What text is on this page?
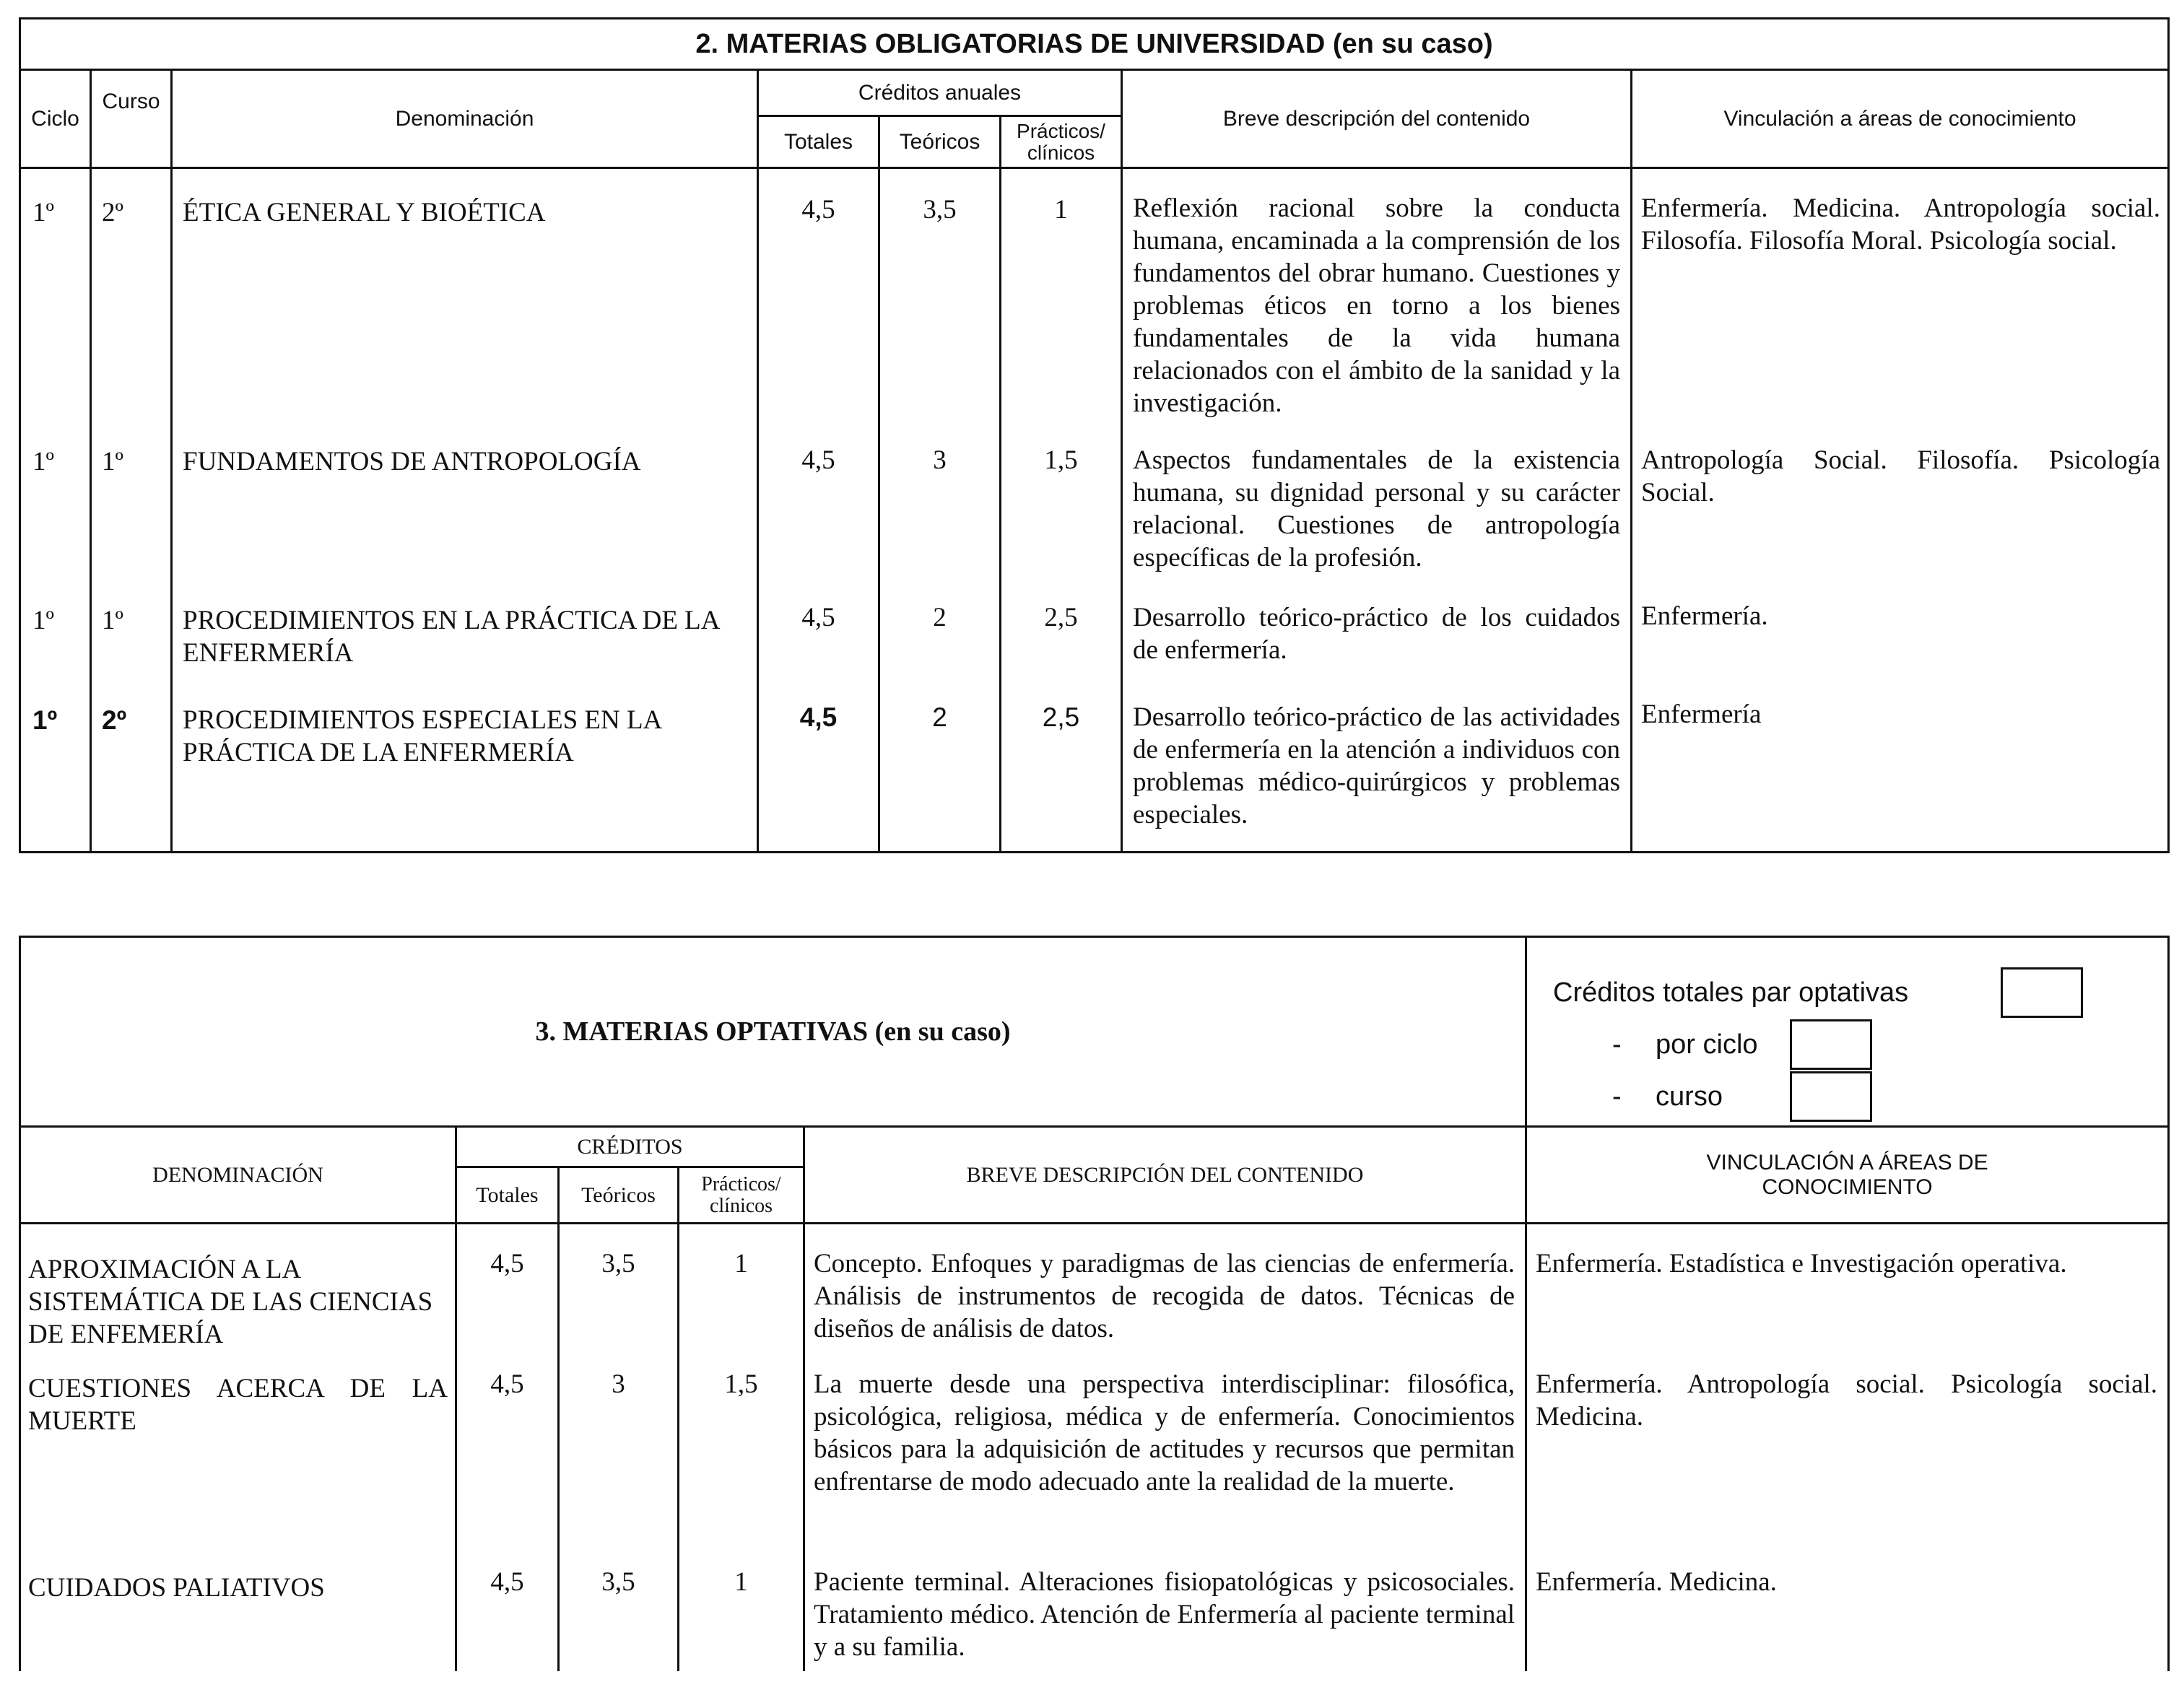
2. MATERIAS OBLIGATORIAS DE UNIVERSIDAD (en su caso)							
Ciclo	Curso	Denominación	Créditos anuales			Breve descripción del contenido	Vinculación a áreas de conocimiento
			Totales	Teóricos	Prácticos/ clínicos		
1º	2º	ÉTICA GENERAL Y BIOÉTICA	4,5	3,5	1	Reflexión racional sobre la conducta humana, encaminada a la comprensión de los fundamentos del obrar humano. Cuestiones y problemas éticos en torno a los bienes fundamentales de la vida humana relacionados con el ámbito de la sanidad y la investigación.	Enfermería. Medicina. Antropología social. Filosofía. Filosofía Moral. Psicología social.
1º	1º	FUNDAMENTOS DE ANTROPOLOGÍA	4,5	3	1,5	Aspectos fundamentales de la existencia humana, su dignidad personal y su carácter relacional. Cuestiones de antropología específicas de la profesión.	Antropología Social. Filosofía. Psicología Social.
1º	1º	PROCEDIMIENTOS EN LA PRÁCTICA DE LA ENFERMERÍA	4,5	2	2,5	Desarrollo teórico-práctico de los cuidados de enfermería.	Enfermería.
1º	2º	PROCEDIMIENTOS ESPECIALES EN LA PRÁCTICA DE LA ENFERMERÍA	4,5	2	2,5	Desarrollo teórico-práctico de las actividades de enfermería en la atención a individuos con problemas médico-quirúrgicos y problemas especiales.	Enfermería
3. MATERIAS OPTATIVAS (en su caso)					Créditos totales par optativas
- por ciclo
- curso

DENOMINACIÓN	CRÉDITOS			BREVE DESCRIPCIÓN DEL CONTENIDO	VINCULACIÓN A ÁREAS DE CONOCIMIENTO
	Totales	Teóricos	Prácticos/ clínicos		
APROXIMACIÓN A LA SISTEMÁTICA DE LAS CIENCIAS DE ENFEMERÍA	4,5	3,5	1	Concepto. Enfoques y paradigmas de las ciencias de enfermería. Análisis de instrumentos de recogida de datos. Técnicas de diseños de análisis de datos.	Enfermería. Estadística e Investigación operativa.
CUESTIONES ACERCA DE LA MUERTE	4,5	3	1,5	La muerte desde una perspectiva interdisciplinar: filosófica, psicológica, religiosa, médica y de enfermería. Conocimientos básicos para la adquisición de actitudes y recursos que permitan enfrentarse de modo adecuado ante la realidad de la muerte.	Enfermería. Antropología social. Psicología social. Medicina.
CUIDADOS PALIATIVOS	4,5	3,5	1	Paciente terminal. Alteraciones fisiopatológicas y psicosociales. Tratamiento médico. Atención de Enfermería al paciente terminal y a su familia.	Enfermería. Medicina.
